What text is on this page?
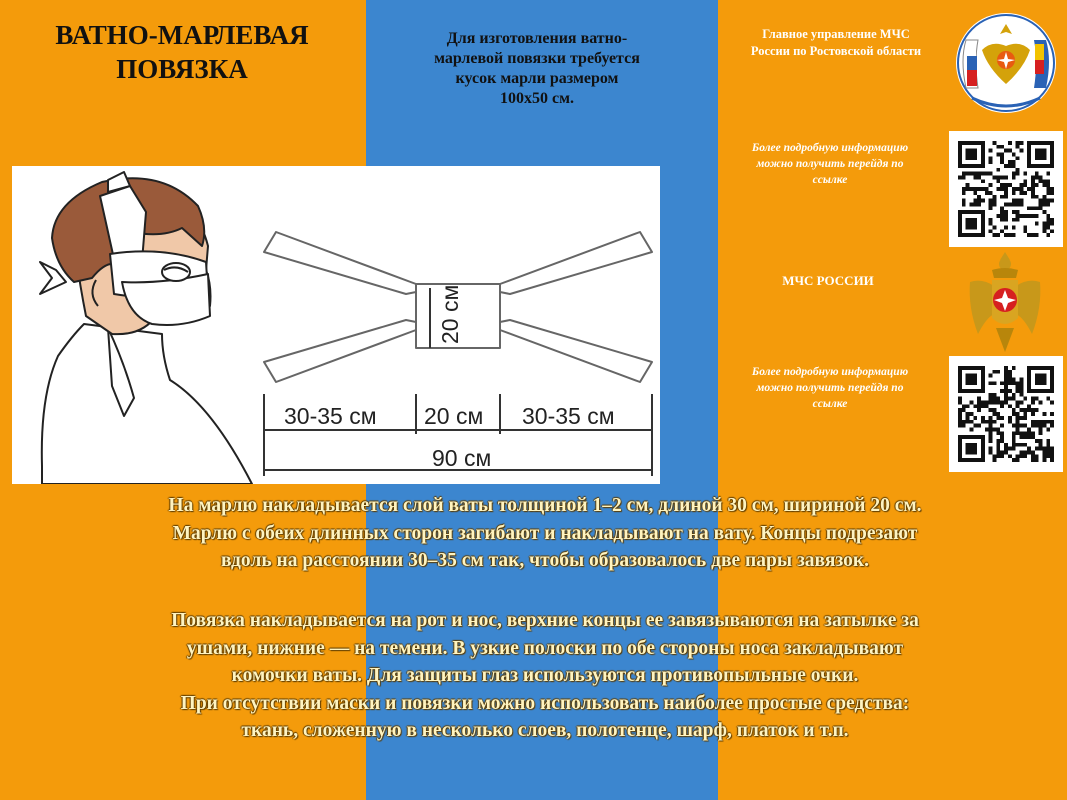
ВАТНО-МАРЛЕВАЯ
ПОВЯЗКА
Для изготовления ватно-
марлевой повязки требуется
кусок марли размером
100х50 см.
Главное управление МЧС
России по Ростовской области
Более подробную информацию
можно получить перейдя по
ссылке
МЧС РОССИИ
Более подробную информацию
можно получить перейдя по
ссылке
20 см
30-35 см 20 см 30-35 см
90 см
На марлю накладывается слой ваты толщиной 1–2 см, длиной 30 см, шириной 20 см.
Марлю с обеих длинных сторон загибают и накладывают на вату. Концы подрезают
вдоль на расстоянии 30–35 см так, чтобы образовалось две пары завязок.
Повязка накладывается на рот и нос, верхние концы ее завязываются на затылке за
ушами, нижние — на темени. В узкие полоски по обе стороны носа закладывают
комочки ваты. Для защиты глаз используются противопыльные очки.
При отсутствии маски и повязки можно использовать наиболее простые средства:
ткань, сложенную в несколько слоев, полотенце, шарф, платок и т.п.
